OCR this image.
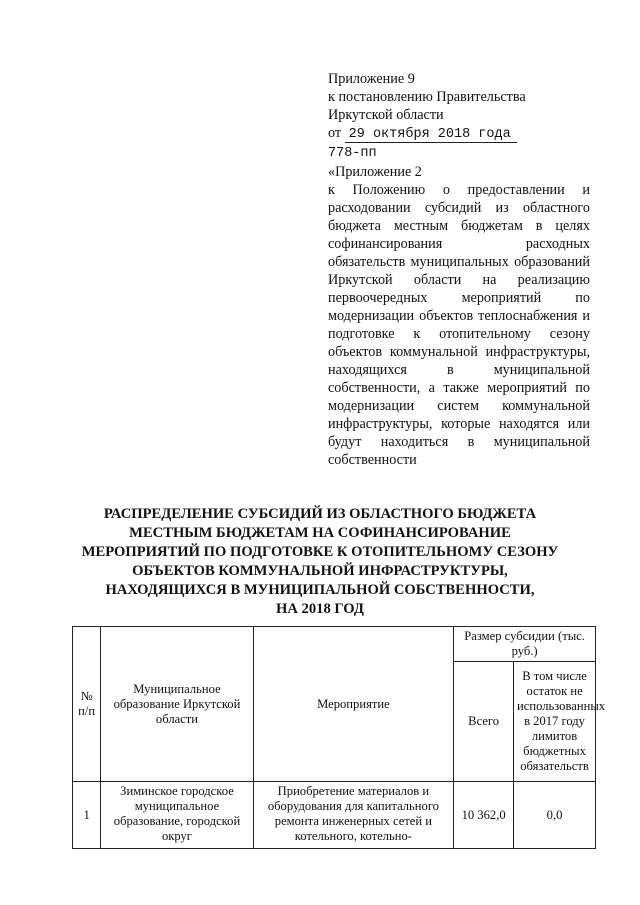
Приложение 9
к постановлению Правительства
Иркутской области
от 29 октября 2018 года
778-пп
«Приложение 2

к Положению о предоставлении и расходовании субсидий из областного бюджета местным бюджетам в целях софинансирования расходных обязательств муниципальных образований Иркутской области на реализацию первоочередных мероприятий по модернизации объектов теплоснабжения и подготовке к отопительному сезону объектов коммунальной инфраструктуры, находящихся в муниципальной собственности, а также мероприятий по модернизации систем коммунальной инфраструктуры, которые находятся или будут находиться в муниципальной собственности

РАСПРЕДЕЛЕНИЕ СУБСИДИЙ ИЗ ОБЛАСТНОГО БЮДЖЕТА
МЕСТНЫМ БЮДЖЕТАМ НА СОФИНАНСИРОВАНИЕ
МЕРОПРИЯТИЙ ПО ПОДГОТОВКЕ К ОТОПИТЕЛЬНОМУ СЕЗОНУ
ОБЪЕКТОВ КОММУНАЛЬНОЙ ИНФРАСТРУКТУРЫ,
НАХОДЯЩИХСЯ В МУНИЦИПАЛЬНОЙ СОБСТВЕННОСТИ,
НА 2018 ГОД
№ п/п	Муниципальное образование Иркутской области	Мероприятие	Размер субсидии (тыс. руб.)	
			Всего	В том числе остаток не использованных в 2017 году лимитов бюджетных обязательств
1	Зиминское городское муниципальное образование, городской округ	Приобретение материалов и оборудования для капитального ремонта инженерных сетей и котельного, котельно-	10 362,0	0,0
